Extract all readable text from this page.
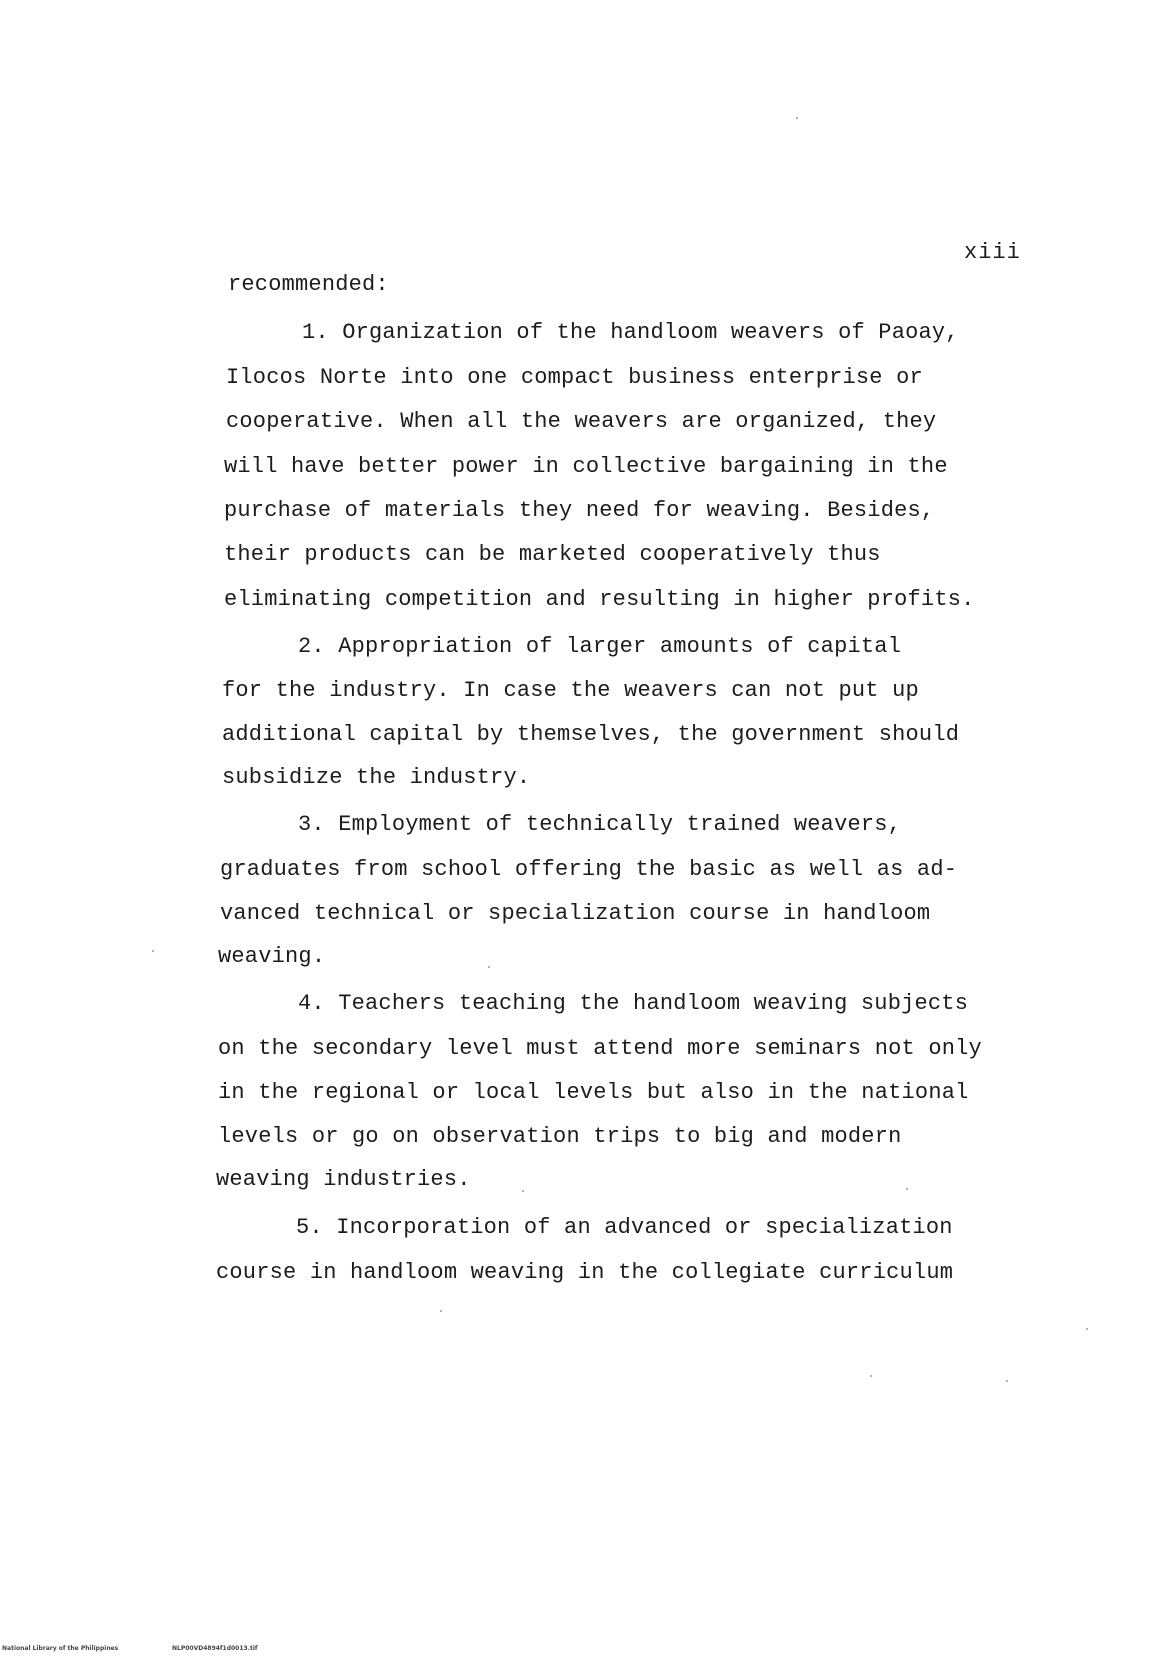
xiii
recommended:
1. Organization of the handloom weavers of Paoay,
Ilocos Norte into one compact business enterprise or
cooperative. When all the weavers are organized, they
will have better power in collective bargaining in the
purchase of materials they need for weaving. Besides,
their products can be marketed cooperatively thus
eliminating competition and resulting in higher profits.
2. Appropriation of larger amounts of capital
for the industry. In case the weavers can not put up
additional capital by themselves, the government should
subsidize the industry.
3. Employment of technically trained weavers,
graduates from school offering the basic as well as ad-
vanced technical or specialization course in handloom
weaving.
4. Teachers teaching the handloom weaving subjects
on the secondary level must attend more seminars not only
in the regional or local levels but also in the national
levels or go on observation trips to big and modern
weaving industries.
5. Incorporation of an advanced or specialization
course in handloom weaving in the collegiate curriculum
National Library of the Philippines	NLP00VD4894f1d0013.tif
